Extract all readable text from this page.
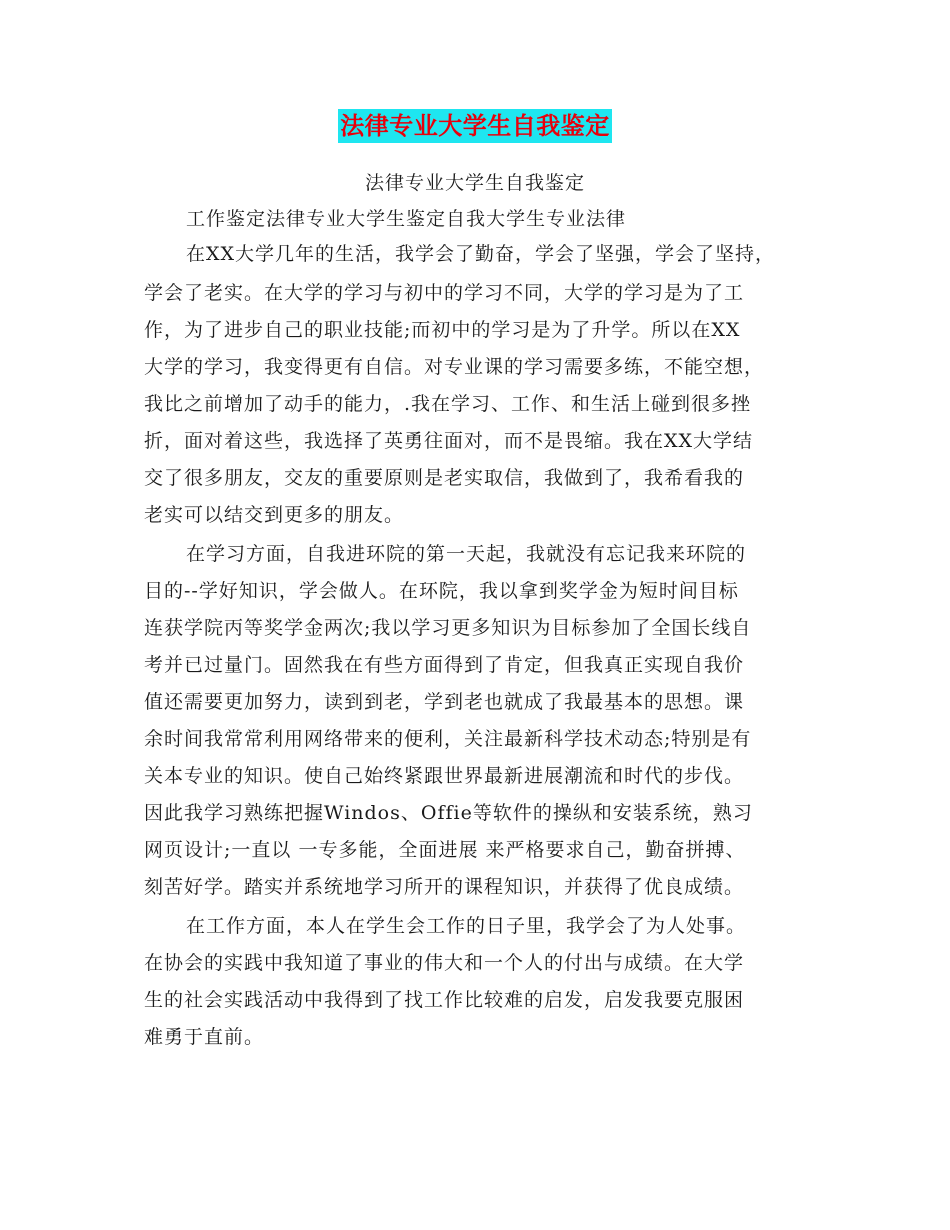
法律专业大学生自我鉴定
法律专业大学生自我鉴定
工作鉴定法律专业大学生鉴定自我大学生专业法律
在XX大学几年的生活，我学会了勤奋，学会了坚强，学会了坚持，
学会了老实。在大学的学习与初中的学习不同，大学的学习是为了工
作，为了进步自己的职业技能;而初中的学习是为了升学。所以在XX
大学的学习，我变得更有自信。对专业课的学习需要多练，不能空想，
我比之前增加了动手的能力，.我在学习、工作、和生活上碰到很多挫
折，面对着这些，我选择了英勇往面对，而不是畏缩。我在XX大学结
交了很多朋友，交友的重要原则是老实取信，我做到了，我希看我的
老实可以结交到更多的朋友。
在学习方面，自我进环院的第一天起，我就没有忘记我来环院的
目的--学好知识，学会做人。在环院，我以拿到奖学金为短时间目标
连获学院丙等奖学金两次;我以学习更多知识为目标参加了全国长线自
考并已过量门。固然我在有些方面得到了肯定，但我真正实现自我价
值还需要更加努力，读到到老，学到老也就成了我最基本的思想。课
余时间我常常利用网络带来的便利，关注最新科学技术动态;特别是有
关本专业的知识。使自己始终紧跟世界最新进展潮流和时代的步伐。
因此我学习熟练把握Windos、Offie等软件的操纵和安装系统，熟习
网页设计;一直以 一专多能，全面进展 来严格要求自己，勤奋拼搏、
刻苦好学。踏实并系统地学习所开的课程知识，并获得了优良成绩。
在工作方面，本人在学生会工作的日子里，我学会了为人处事。
在协会的实践中我知道了事业的伟大和一个人的付出与成绩。在大学
生的社会实践活动中我得到了找工作比较难的启发，启发我要克服困
难勇于直前。
